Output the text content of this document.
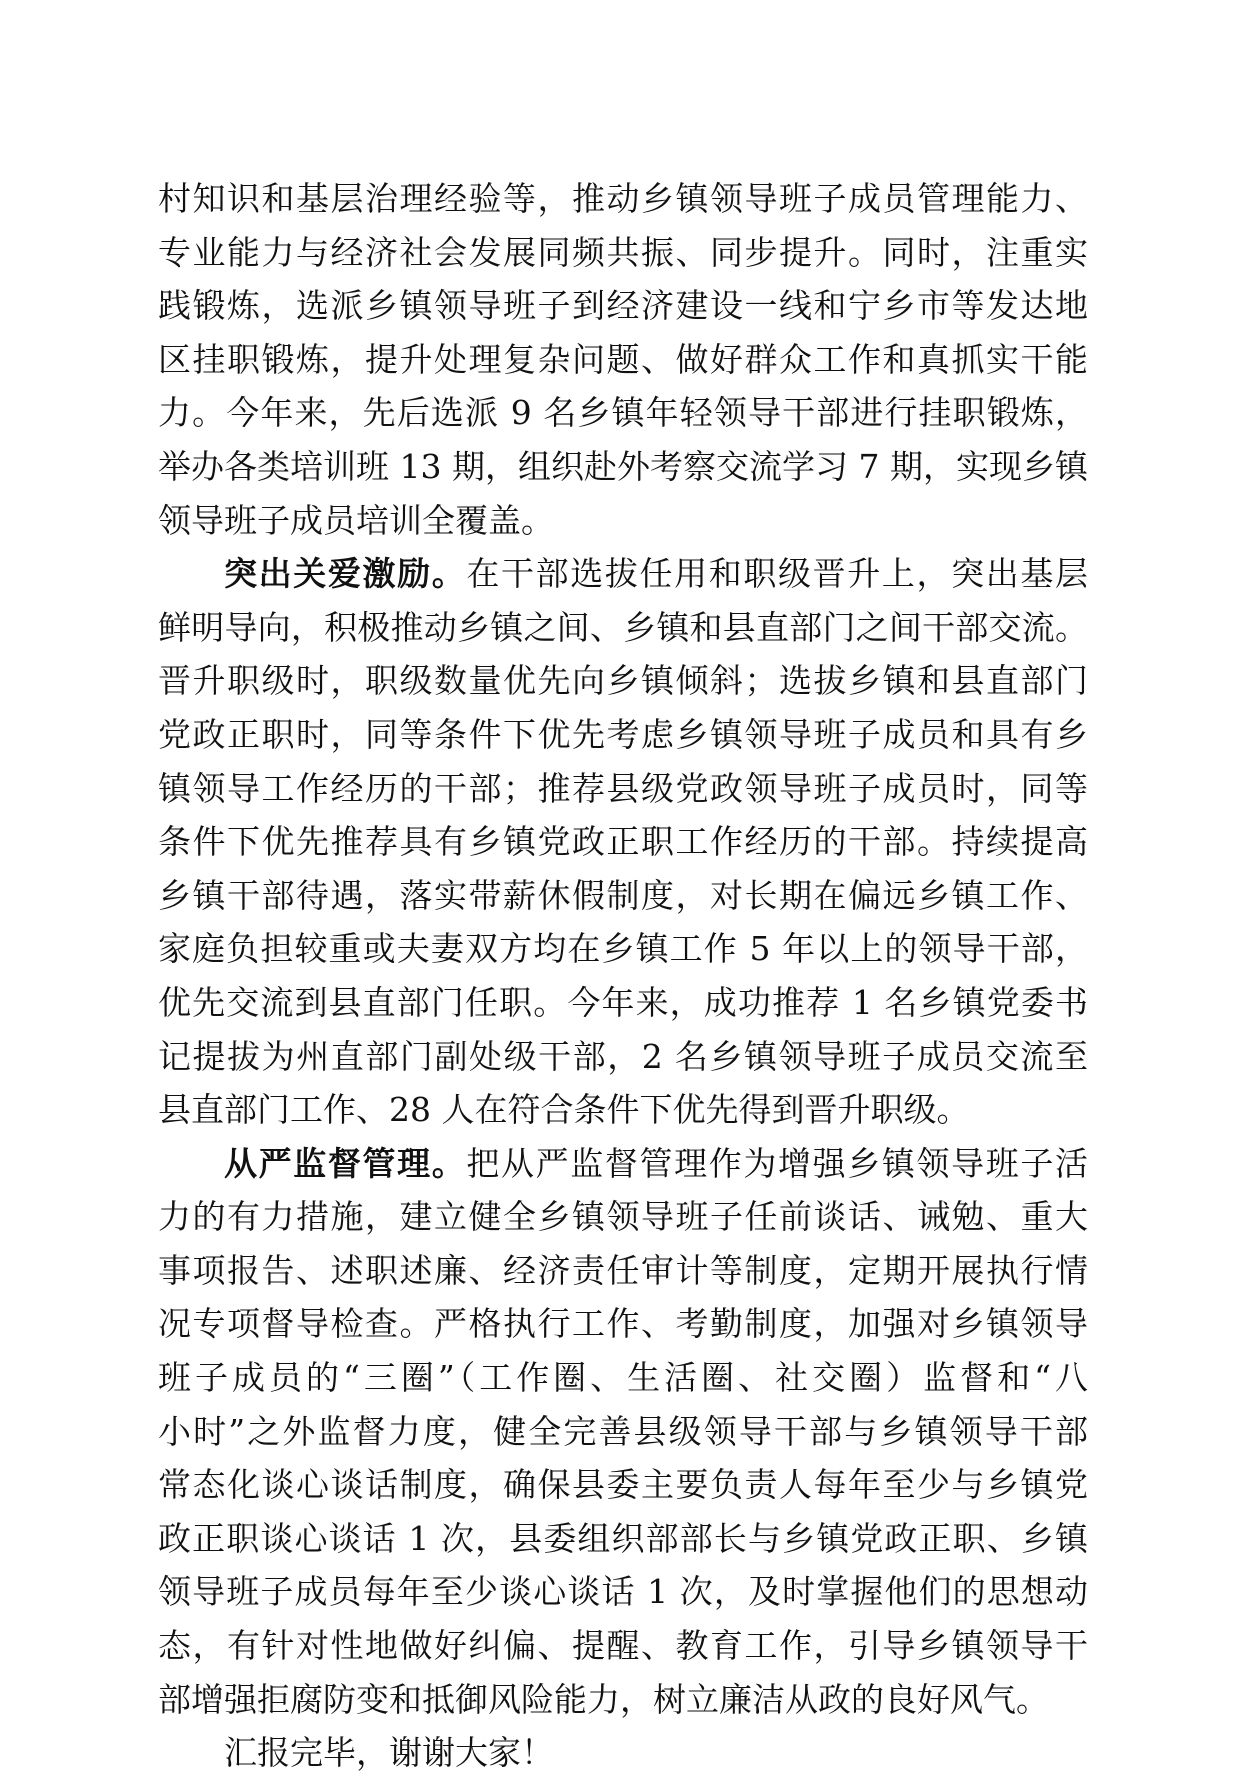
村知识和基层治理经验等，推动乡镇领导班子成员管理能力、
专业能力与经济社会发展同频共振、同步提升。同时，注重实
践锻炼，选派乡镇领导班子到经济建设一线和宁乡市等发达地
区挂职锻炼，提升处理复杂问题、做好群众工作和真抓实干能
力。今年来，先后选派 9 名乡镇年轻领导干部进行挂职锻炼，
举办各类培训班 13 期，组织赴外考察交流学习 7 期，实现乡镇
领导班子成员培训全覆盖。
突出关爱激励。在干部选拔任用和职级晋升上，突出基层
鲜明导向，积极推动乡镇之间、乡镇和县直部门之间干部交流。
晋升职级时，职级数量优先向乡镇倾斜；选拔乡镇和县直部门
党政正职时，同等条件下优先考虑乡镇领导班子成员和具有乡
镇领导工作经历的干部；推荐县级党政领导班子成员时，同等
条件下优先推荐具有乡镇党政正职工作经历的干部。持续提高
乡镇干部待遇，落实带薪休假制度，对长期在偏远乡镇工作、
家庭负担较重或夫妻双方均在乡镇工作 5 年以上的领导干部，
优先交流到县直部门任职。今年来，成功推荐 1 名乡镇党委书
记提拔为州直部门副处级干部，2 名乡镇领导班子成员交流至
县直部门工作、28 人在符合条件下优先得到晋升职级。
从严监督管理。把从严监督管理作为增强乡镇领导班子活
力的有力措施，建立健全乡镇领导班子任前谈话、诫勉、重大
事项报告、述职述廉、经济责任审计等制度，定期开展执行情
况专项督导检查。严格执行工作、考勤制度，加强对乡镇领导
班子成员的“三圈”（工作圈、生活圈、社交圈）监督和“八
小时”之外监督力度，健全完善县级领导干部与乡镇领导干部
常态化谈心谈话制度，确保县委主要负责人每年至少与乡镇党
政正职谈心谈话 1 次，县委组织部部长与乡镇党政正职、乡镇
领导班子成员每年至少谈心谈话 1 次，及时掌握他们的思想动
态，有针对性地做好纠偏、提醒、教育工作，引导乡镇领导干
部增强拒腐防变和抵御风险能力，树立廉洁从政的良好风气。
汇报完毕，谢谢大家！
